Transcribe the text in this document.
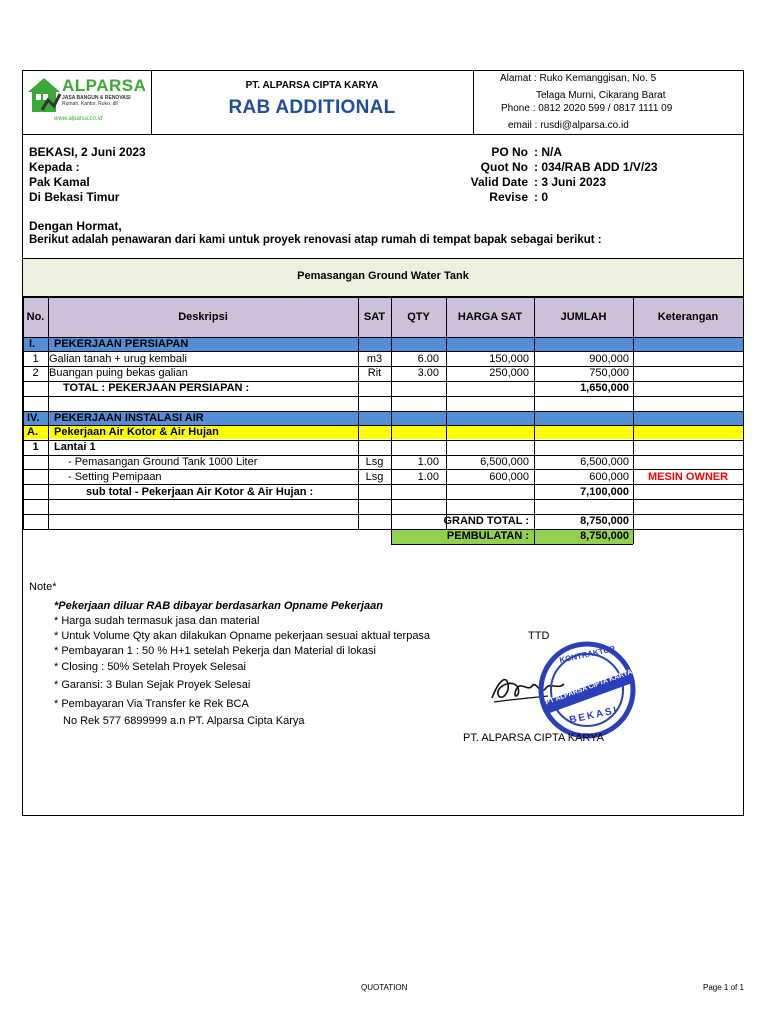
ALPARSA
JASA BANGUN & RENOVASI
Rumah, Kantor, Ruko, dll
www.alparsa.co.id
PT. ALPARSA CIPTA KARYA
RAB ADDITIONAL
Alamat : Ruko Kemanggisan, No. 5
Telaga Murni, Cikarang Barat
Phone : 0812 2020 599 / 0817 1111 09
email : rusdi@alparsa.co.id
BEKASI, 2 Juni 2023
Kepada :
Pak Kamal
Di Bekasi Timur
PO No : N/A
Quot No : 034/RAB ADD 1/V/23
Valid Date : 3 Juni 2023
Revise : 0
Dengan Hormat,
Berikut adalah penawaran dari kami untuk proyek renovasi atap rumah di tempat bapak sebagai berikut :
Pemasangan Ground Water Tank
No.	Deskripsi	SAT	QTY	HARGA SAT	JUMLAH	Keterangan
I. PEKERJAAN PERSIAPAN
1 Galian tanah + urug kembali	m3	6.00	150,000	900,000
2 Buangan puing bekas galian	Rit	3.00	250,000	750,000
TOTAL : PEKERJAAN PERSIAPAN :	1,650,000
IV. PEKERJAAN INSTALASI AIR
A. Pekerjaan Air Kotor & Air Hujan
1	Lantai 1
- Pemasangan Ground Tank 1000 Liter	Lsg	1.00	6,500,000	6,500,000
- Setting Pemipaan	Lsg	1.00	600,000	600,000 MESIN OWNER
sub total - Pekerjaan Air Kotor & Air Hujan :	7,100,000
GRAND TOTAL :	8,750,000
PEMBULATAN :	8,750,000
Note*
*Pekerjaan diluar RAB dibayar berdasarkan Opname Pekerjaan
* Harga sudah termasuk jasa dan material
* Untuk Volume Qty akan dilakukan Opname pekerjaan sesuai aktual terpasa
* Pembayaran 1 : 50 % H+1 setelah Pekerja dan Material di lokasi
* Closing : 50% Setelah Proyek Selesai
* Garansi: 3 Bulan Sejak Proyek Selesai
* Pembayaran Via Transfer ke Rek BCA
No Rek 577 6899999 a.n PT. Alparsa Cipta Karya
TTD
KONTRAKTOR
PT ALPARSA CIPTA KARYA
BEKASI
PT. ALPARSA CIPTA KARYA
QUOTATION	Page 1 of 1
